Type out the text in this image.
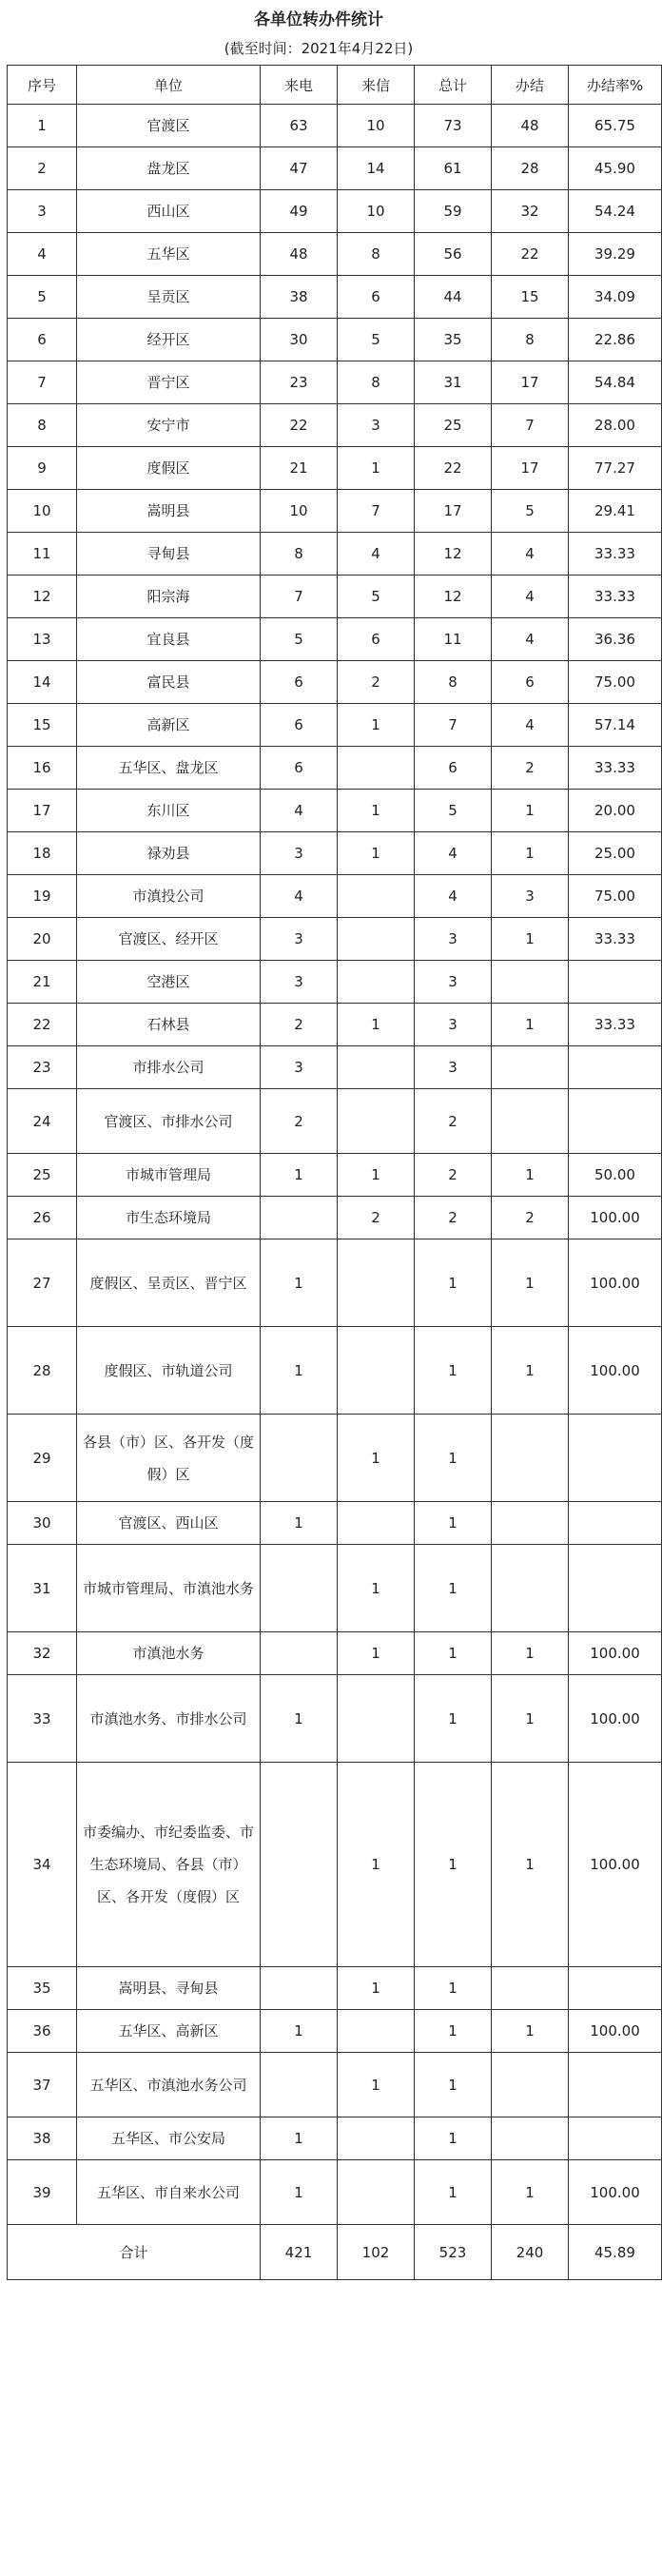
各单位转办件统计
(截至时间：2021年4月22日)
序号	单位	来电	来信	总计	办结	办结率%
1	官渡区	63	10	73	48	65.75
2	盘龙区	47	14	61	28	45.90
3	西山区	49	10	59	32	54.24
4	五华区	48	8	56	22	39.29
5	呈贡区	38	6	44	15	34.09
6	经开区	30	5	35	8	22.86
7	晋宁区	23	8	31	17	54.84
8	安宁市	22	3	25	7	28.00
9	度假区	21	1	22	17	77.27
10	嵩明县	10	7	17	5	29.41
11	寻甸县	8	4	12	4	33.33
12	阳宗海	7	5	12	4	33.33
13	宜良县	5	6	11	4	36.36
14	富民县	6	2	8	6	75.00
15	高新区	6	1	7	4	57.14
16	五华区、盘龙区	6		6	2	33.33
17	东川区	4	1	5	1	20.00
18	禄劝县	3	1	4	1	25.00
19	市滇投公司	4		4	3	75.00
20	官渡区、经开区	3		3	1	33.33
21	空港区	3		3		
22	石林县	2	1	3	1	33.33
23	市排水公司	3		3		
24	官渡区、市排水公司	2		2		
25	市城市管理局	1	1	2	1	50.00
26	市生态环境局		2	2	2	100.00
27	度假区、呈贡区、晋宁区	1		1	1	100.00
28	度假区、市轨道公司	1		1	1	100.00
29	各县（市）区、各开发（度假）区		1	1		
30	官渡区、西山区	1		1		
31	市城市管理局、市滇池水务		1	1		
32	市滇池水务		1	1	1	100.00
33	市滇池水务、市排水公司	1		1	1	100.00
34	市委编办、市纪委监委、市生态环境局、各县（市）区、各开发（度假）区		1	1	1	100.00
35	嵩明县、寻甸县		1	1		
36	五华区、高新区	1		1	1	100.00
37	五华区、市滇池水务公司		1	1		
38	五华区、市公安局	1		1		
39	五华区、市自来水公司	1		1	1	100.00
合计		421	102	523	240	45.89
